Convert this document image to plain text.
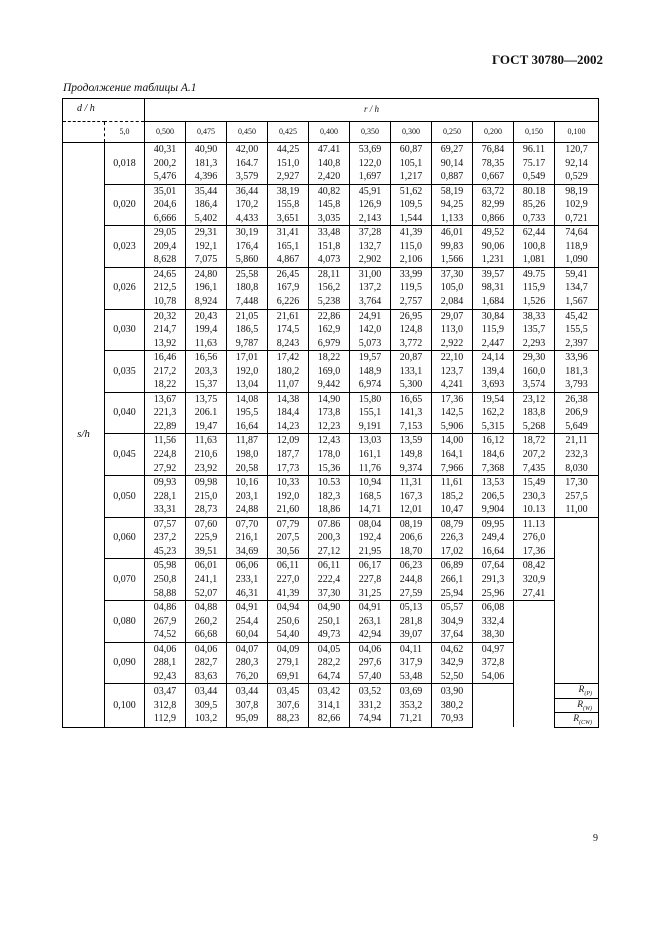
ГОСТ 30780—2002
Продолжение таблицы А.1
d / h		r / h										
	5,0	0,500	0,475	0,450	0,425	0,400	0,350	0,300	0,250	0,200	0,150	0,100
s/h	0,018	40,31
200,2
5,476	40,90
181,3
4,396	42,00
164.7
3,579	44,25
151,0
2,927	47.41
140,8
2,420	53,69
122,0
1,697	60,87
105,1
1,217	69,27
90,14
0,887	76,84
78,35
0,667	96.11
75.17
0,549	120,7
92,14
0,529

	0,020	35,01
204,6
6,666	35,44
186,4
5,402	36,44
170,2
4,433	38,19
155,8
3,651	40,82
145,8
3,035	45,91
126,9
2,143	51,62
109,5
1,544	58,19
94,25
1,133	63,72
82,99
0,866	80.18
85,26
0,733	98,19
102,9
0,721

	0,023	29,05
209,4
8,628	29,31
192,1
7,075	30,19
176,4
5,860	31,41
165,1
4,867	33,48
151,8
4,073	37,28
132,7
2,902	41,39
115,0
2,106	46,01
99,83
1,566	49,52
90,06
1,231	62,44
100,8
1,081	74,64
118,9
1,090

	0,026	24,65
212,5
10,78	24,80
196,1
8,924	25,58
180,8
7,448	26,45
167,9
6,226	28,11
156,2
5,238	31,00
137,2
3,764	33,99
119,5
2,757	37,30
105,0
2,084	39,57
98,31
1,684	49.75
115,9
1,526	59,41
134,7
1,567

	0,030	20,32
214,7
13,92	20,43
199,4
11,63	21,05
186,5
9,787	21,61
174,5
8,243	22,86
162,9
6,979	24,91
142,0
5,073	26,95
124,8
3,772	29,07
113,0
2,922	30,84
115,9
2,447	38,33
135,7
2,293	45,42
155,5
2,397

	0,035	16,46
217,2
18,22	16,56
203,3
15,37	17,01
192,0
13,04	17,42
180,2
11,07	18,22
169,0
9,442	19,57
148,9
6,974	20,87
133,1
5,300	22,10
123,7
4,241	24,14
139,4
3,693	29,30
160,0
3,574	33,96
181,3
3,793

	0,040	13,67
221,3
22,89	13,75
206.1
19,47	14,08
195,5
16,64	14,38
184,4
14,23	14,90
173,8
12,23	15,80
155,1
9,191	16,65
141,3
7,153	17,36
142,5
5,906	19,54
162,2
5,315	23,12
183,8
5,268	26,38
206,9
5,649

	0,045	11,56
224,8
27,92	11,63
210,6
23,92	11,87
198,0
20,58	12,09
187,7
17,73	12,43
178,0
15,36	13,03
161,1
11,76	13,59
149,8
9,374	14,00
164,1
7,966	16,12
184,6
7,368	18,72
207,2
7,435	21,11
232,3
8,030

	0,050	09,93
228,1
33,31	09,98
215,0
28,73	10,16
203,1
24,88	10,33
192,0
21,60	10.53
182,3
18,86	10,94
168,5
14,71	11,31
167,3
12,01	11,61
185,2
10,47	13,53
206,5
9,904	15,49
230,3
10.13	17,30
257,5
11,00

	0,060	07,57
237,2
45,23	07,60
225,9
39,51	07,70
216,1
34,69	07,79
207,5
30,56	07.86
200,3
27,12	08,04
192,4
21,95	08,19
206,6
18,70	08,79
226,3
17,02	09,95
249,4
16,64	11.13
276,0
17,36	

	0,070	05,98
250,8
58,88	06,01
241,1
52,07	06,06
233,1
46,31	06,11
227,0
41,39	06,11
222,4
37,30	06,17
227,8
31,25	06,23
244,8
27,59	06,89
266,1
25,94	07,64
291,3
25,96	08,42
320,9
27,41	

	0,080	04,86
267,9
74,52	04,88
260,2
66,68	04,91
254,4
60,04	04,94
250,6
54,40	04,90
250,1
49,73	04,91
263,1
42,94	05,13
281,8
39,07	05,57
304,9
37,64	06,08
332,4
38,30		

	0,090	04,06
288,1
92,43	04,06
282,7
83,63	04,07
280,3
76,20	04,09
279,1
69,91	04,05
282,2
64,74	04,06
297,6
57,40	04,11
317,9
53,48	04,62
342,9
52,50	04,97
372,8
54,06		

	0,100	03,47
312,8
112,9	03,44
309,5
103,2	03,44
307,8
95,09	03,45
307,6
88,23	03,42
314,1
82,66	03,52
331,2
74,94	03,69
353,2
71,21	03,90
380,2
70,93			$R_{(P)}$
$R_{(W)}$
$R_{(CW)}$
9
